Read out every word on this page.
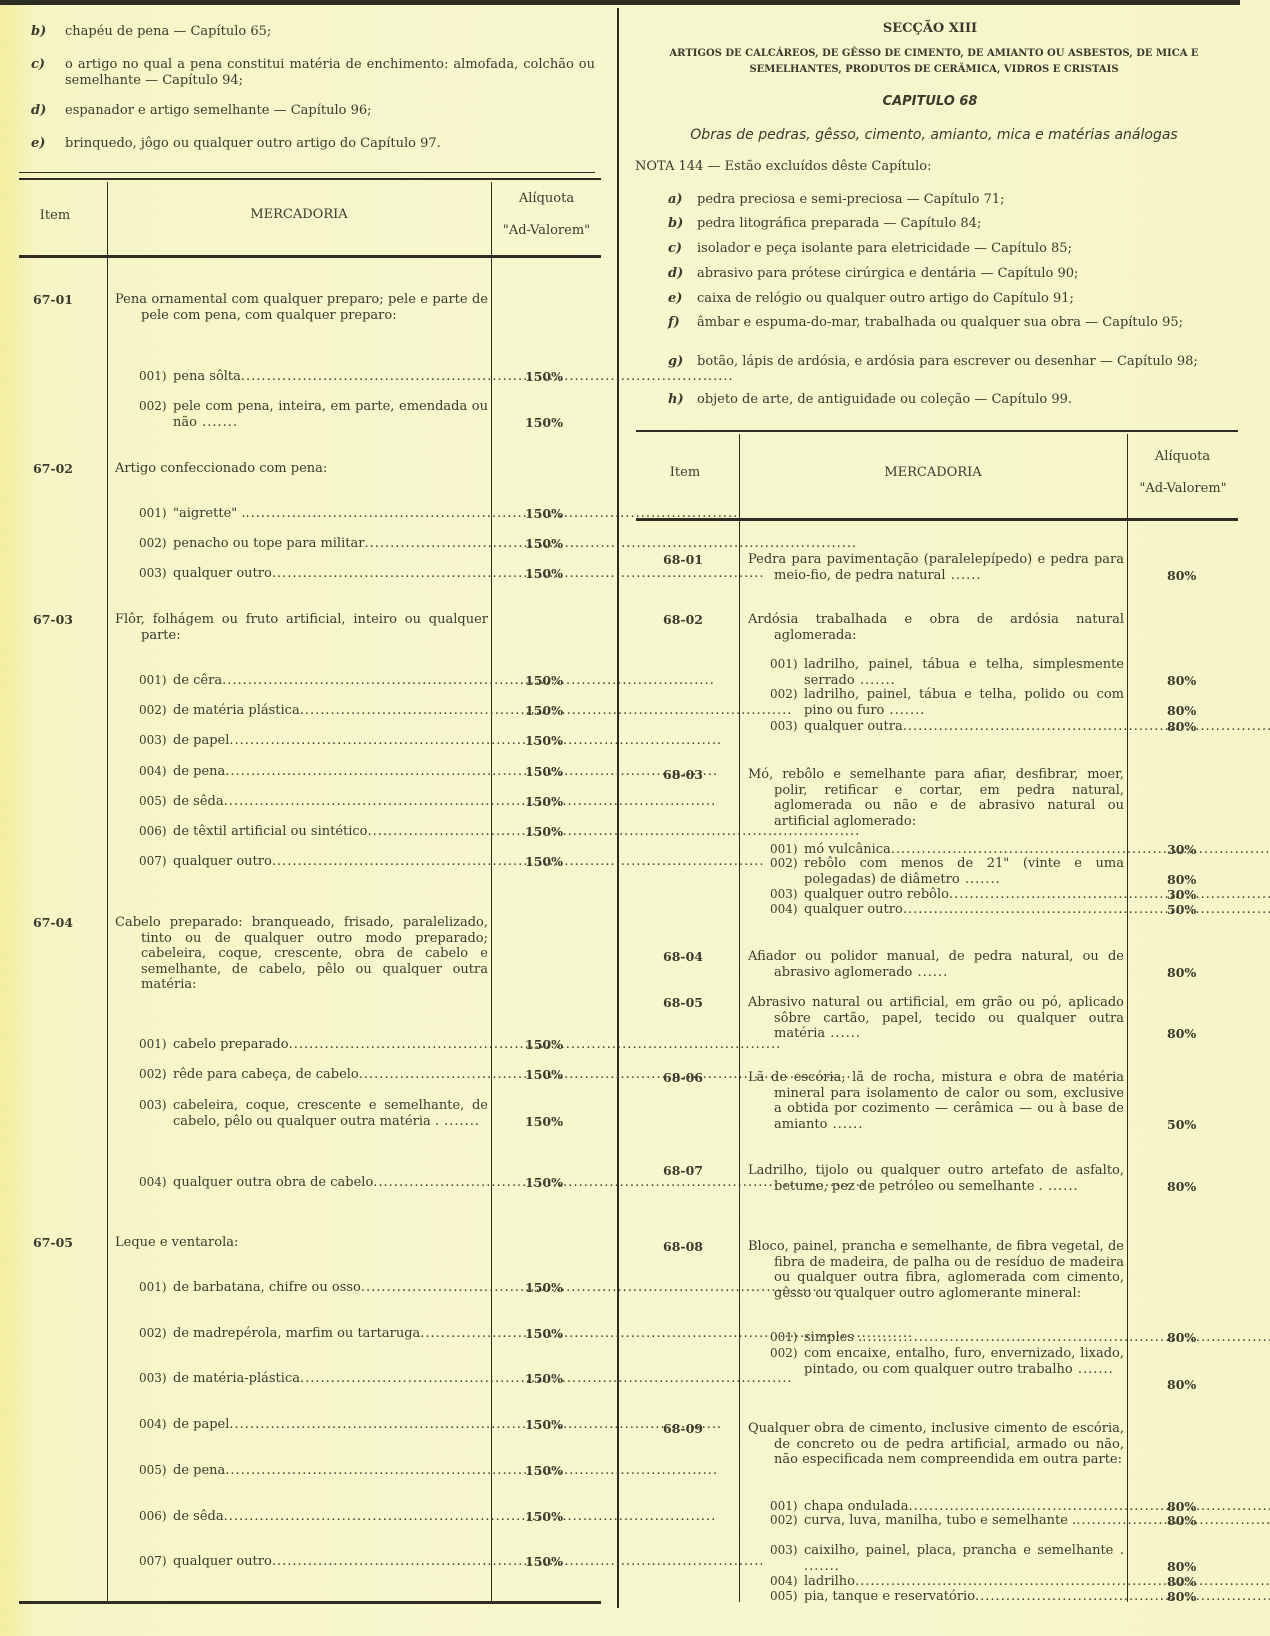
b) chapéu de pena — Capítulo 65;
c) o artigo no qual a pena constitui matéria de enchimento: almofada, colchão ou semelhante — Capítulo 94;
d) espanador e artigo semelhante — Capítulo 96;
e) brinquedo, jôgo ou qualquer outro artigo do Capítulo 97.
Item	MERCADORIA
Alíquota
"Ad-Valorem"
67-01	Pena ornamental com qualquer preparo; pele e parte de pele com pena, com qualquer preparo:
001) pena sôlta .....	150%
002) pele com pena, inteira, em parte, emendada ou não .......	150%
67-02	Artigo confeccionado com pena:
001) "aigrette" . .....	150%
002) penacho ou tope para militar .....	150%
003) qualquer outro .....	150%
67-03	Flôr, folhágem ou fruto artificial, inteiro ou qualquer parte:
001) de cêra .....	150%
002) de matéria plástica .....	150%
003) de papel .....	150%
004) de pena .....	150%
005) de sêda .....	150%
006) de têxtil artificial ou sintético .....	150%
007) qualquer outro .....	150%
67-04	Cabelo preparado: branqueado, frisado, paralelizado, tinto ou de qualquer outro modo preparado; cabeleira, coque, crescente, obra de cabelo e semelhante, de cabelo, pêlo ou qualquer outra matéria:
001) cabelo preparado .....	150%
002) rêde para cabeça, de cabelo .....	150%
003) cabeleira, coque, crescente e semelhante, de cabelo, pêlo ou qualquer outra matéria . .......	150%
004) qualquer outra obra de cabelo .....	150%
67-05	Leque e ventarola:
001) de barbatana, chifre ou osso .....	150%
002) de madrepérola, marfim ou tartaruga .....	150%
003) de matéria-plástica .....	150%
004) de papel .....	150%
005) de pena .....	150%
006) de sêda .....	150%
007) qualquer outro .....	150%
SECÇÃO XIII
ARTIGOS DE CALCÁREOS, DE GÊSSO DE CIMENTO, DE AMIANTO OU ASBESTOS, DE MICA E SEMELHANTES, PRODUTOS DE CERÂMICA, VIDROS E CRISTAIS
CAPITULO 68
Obras de pedras, gêsso, cimento, amianto, mica e matérias análogas
NOTA 144 — Estão excluídos dêste Capítulo:
a) pedra preciosa e semi-preciosa — Capítulo 71;
b) pedra litográfica preparada — Capítulo 84;
c) isolador e peça isolante para eletricidade — Capítulo 85;
d) abrasivo para prótese cirúrgica e dentária — Capítulo 90;
e) caixa de relógio ou qualquer outro artigo do Capítulo 91;
f) âmbar e espuma-do-mar, trabalhada ou qualquer sua obra — Capítulo 95;
g) botão, lápis de ardósia, e ardósia para escrever ou desenhar — Capítulo 98;
h) objeto de arte, de antiguidade ou coleção — Capítulo 99.
Item	MERCADORIA
Alíquota
"Ad-Valorem"
68-01	Pedra para pavimentação (paralelepípedo) e pedra para meio-fio, de pedra natural ......	80%
68-02	Ardósia trabalhada e obra de ardósia natural aglomerada:
001) ladrilho, painel, tábua e telha, simplesmente serrado .......	80%
002) ladrilho, painel, tábua e telha, polido ou com pino ou furo .......	80%
003) qualquer outra .....	80%
68-03	Mó, rebôlo e semelhante para afiar, desfibrar, moer, polir, retificar e cortar, em pedra natural, aglomerada ou não e de abrasivo natural ou artificial aglomerado:
001) mó vulcânica .....	30%
002) rebôlo com menos de 21" (vinte e uma polegadas) de diâmetro .......	80%
003) qualquer outro rebôlo .....	30%
004) qualquer outro .....	50%
68-04	Afiador ou polidor manual, de pedra natural, ou de abrasivo aglomerado ......	80%
68-05	Abrasivo natural ou artificial, em grão ou pó, aplicado sôbre cartão, papel, tecido ou qualquer outra matéria ......	80%
68-06	Lã de escória, lã de rocha, mistura e obra de matéria mineral para isolamento de calor ou som, exclusive a obtida por cozimento — cerâmica — ou à base de amianto ......	50%
68-07	Ladrilho, tijolo ou qualquer outro artefato de asfalto, betume, pez de petróleo ou semelhante . ......	80%
68-08	Bloco, painel, prancha e semelhante, de fibra vegetal, de fibra de madeira, de palha ou de resíduo de madeira ou qualquer outra fibra, aglomerada com cimento, gêsso ou qualquer outro aglomerante mineral:
001) simples . .....	80%
002) com encaixe, entalho, furo, envernizado, lixado, pintado, ou com qualquer outro trabalho .......
80%
68-09	Qualquer obra de cimento, inclusive cimento de escória, de concreto ou de pedra artificial, armado ou não, não especificada nem compreendida em outra parte:
001) chapa ondulada .....	80%
002) curva, luva, manilha, tubo e semelhante . .....	80%
003) caixilho, painel, placa, prancha e semelhante . .......	80%
004) ladrilho .....	80%
005) pia, tanque e reservatório .....	80%
